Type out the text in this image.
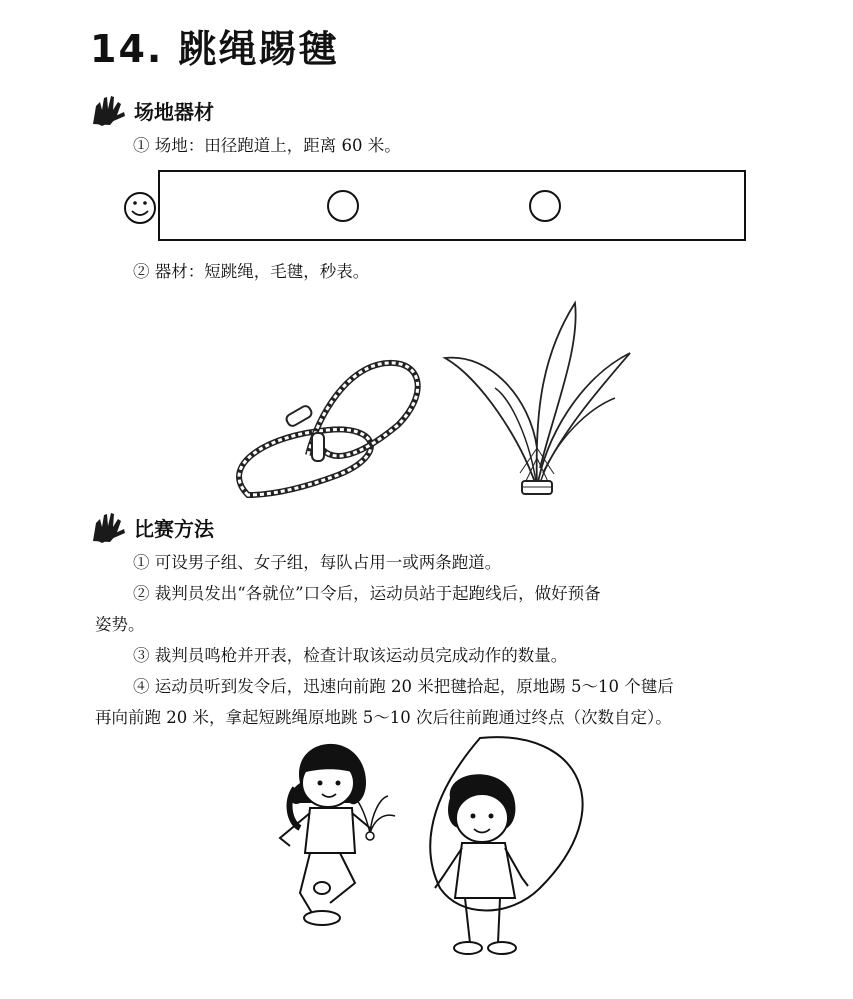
14. 跳绳踢毽
场地器材
① 场地：田径跑道上，距离 60 米。
② 器材：短跳绳，毛毽，秒表。
比赛方法
① 可设男子组、女子组，每队占用一或两条跑道。
② 裁判员发出“各就位”口令后，运动员站于起跑线后，做好预备
姿势。
③ 裁判员鸣枪并开表，检查计取该运动员完成动作的数量。
④ 运动员听到发令后，迅速向前跑 20 米把毽拾起，原地踢 5～10 个毽后
再向前跑 20 米，拿起短跳绳原地跳 5～10 次后往前跑通过终点（次数自定）。
